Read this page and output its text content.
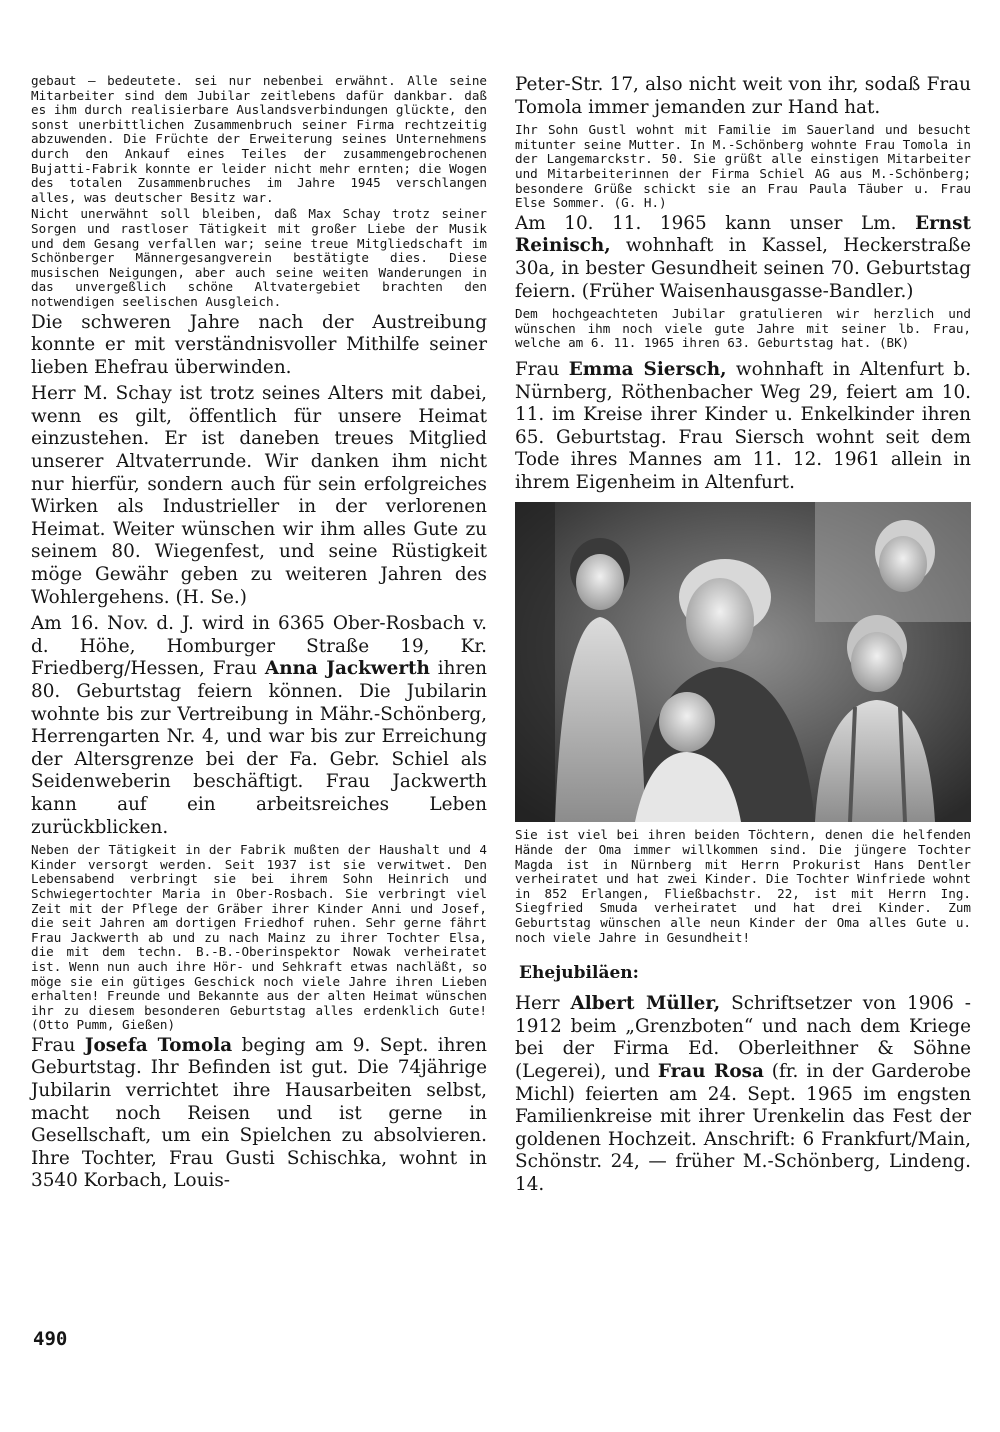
gebaut — bedeutete. sei nur nebenbei erwähnt. Alle seine Mitarbeiter sind dem Jubilar zeitlebens dafür dankbar. daß es ihm durch realisierbare Auslandsverbindungen glückte, den sonst unerbittlichen Zusammenbruch seiner Firma rechtzeitig abzuwenden. Die Früchte der Erweiterung seines Unternehmens durch den Ankauf eines Teiles der zusammengebrochenen Bujatti-Fabrik konnte er leider nicht mehr ernten; die Wogen des totalen Zusammenbruches im Jahre 1945 verschlangen alles, was deutscher Besitz war.

Nicht unerwähnt soll bleiben, daß Max Schay trotz seiner Sorgen und rastloser Tätigkeit mit großer Liebe der Musik und dem Gesang verfallen war; seine treue Mitgliedschaft im Schönberger Männergesangverein bestätigte dies. Diese musischen Neigungen, aber auch seine weiten Wanderungen in das unvergeßlich schöne Altvatergebiet brachten den notwendigen seelischen Ausgleich.

Die schweren Jahre nach der Austreibung konnte er mit verständnisvoller Mithilfe seiner lieben Ehefrau überwinden.

Herr M. Schay ist trotz seines Alters mit dabei, wenn es gilt, öffentlich für unsere Heimat einzustehen. Er ist daneben treues Mitglied unserer Altvaterrunde. Wir danken ihm nicht nur hierfür, sondern auch für sein erfolgreiches Wirken als Industrieller in der verlorenen Heimat. Weiter wünschen wir ihm alles Gute zu seinem 80. Wiegenfest, und seine Rüstigkeit möge Gewähr geben zu weiteren Jahren des Wohlergehens. (H. Se.)

Am 16. Nov. d. J. wird in 6365 Ober-Rosbach v. d. Höhe, Homburger Straße 19, Kr. Friedberg/Hessen, Frau Anna Jackwerth ihren 80. Geburtstag feiern können. Die Jubilarin wohnte bis zur Vertreibung in Mähr.-Schönberg, Herrengarten Nr. 4, und war bis zur Erreichung der Altersgrenze bei der Fa. Gebr. Schiel als Seidenweberin beschäftigt. Frau Jackwerth kann auf ein arbeitsreiches Leben zurückblicken.

Neben der Tätigkeit in der Fabrik mußten der Haushalt und 4 Kinder versorgt werden. Seit 1937 ist sie verwitwet. Den Lebensabend verbringt sie bei ihrem Sohn Heinrich und Schwiegertochter Maria in Ober-Rosbach. Sie verbringt viel Zeit mit der Pflege der Gräber ihrer Kinder Anni und Josef, die seit Jahren am dortigen Friedhof ruhen. Sehr gerne fährt Frau Jackwerth ab und zu nach Mainz zu ihrer Tochter Elsa, die mit dem techn. B.-B.-Oberinspektor Nowak verheiratet ist. Wenn nun auch ihre Hör- und Sehkraft etwas nachläßt, so möge sie ein gütiges Geschick noch viele Jahre ihren Lieben erhalten! Freunde und Bekannte aus der alten Heimat wünschen ihr zu diesem besonderen Geburtstag alles erdenklich Gute! (Otto Pumm, Gießen)

Frau Josefa Tomola beging am 9. Sept. ihren Geburtstag. Ihr Befinden ist gut. Die 74jährige Jubilarin verrichtet ihre Hausarbeiten selbst, macht noch Reisen und ist gerne in Gesellschaft, um ein Spielchen zu absolvieren. Ihre Tochter, Frau Gusti Schischka, wohnt in 3540 Korbach, Louis-

Peter-Str. 17, also nicht weit von ihr, sodaß Frau Tomola immer jemanden zur Hand hat.

Ihr Sohn Gustl wohnt mit Familie im Sauerland und besucht mitunter seine Mutter. In M.-Schönberg wohnte Frau Tomola in der Langemarckstr. 50. Sie grüßt alle einstigen Mitarbeiter und Mitarbeiterinnen der Firma Schiel AG aus M.-Schönberg; besondere Grüße schickt sie an Frau Paula Täuber u. Frau Else Sommer. (G. H.)

Am 10. 11. 1965 kann unser Lm. Ernst Reinisch, wohnhaft in Kassel, Heckerstraße 30a, in bester Gesundheit seinen 70. Geburtstag feiern. (Früher Waisenhausgasse-Bandler.)

Dem hochgeachteten Jubilar gratulieren wir herzlich und wünschen ihm noch viele gute Jahre mit seiner lb. Frau, welche am 6. 11. 1965 ihren 63. Geburtstag hat. (BK)

Frau Emma Siersch, wohnhaft in Altenfurt b. Nürnberg, Röthenbacher Weg 29, feiert am 10. 11. im Kreise ihrer Kinder u. Enkelkinder ihren 65. Geburtstag. Frau Siersch wohnt seit dem Tode ihres Mannes am 11. 12. 1961 allein in ihrem Eigenheim in Altenfurt.

Sie ist viel bei ihren beiden Töchtern, denen die helfenden Hände der Oma immer willkommen sind. Die jüngere Tochter Magda ist in Nürnberg mit Herrn Prokurist Hans Dentler verheiratet und hat zwei Kinder. Die Tochter Winfriede wohnt in 852 Erlangen, Fließbachstr. 22, ist mit Herrn Ing. Siegfried Smuda verheiratet und hat drei Kinder. Zum Geburtstag wünschen alle neun Kinder der Oma alles Gute u. noch viele Jahre in Gesundheit!

Ehejubiläen:

Herr Albert Müller, Schriftsetzer von 1906 - 1912 beim „Grenzboten“ und nach dem Kriege bei der Firma Ed. Oberleithner & Söhne (Legerei), und Frau Rosa (fr. in der Garderobe Michl) feierten am 24. Sept. 1965 im engsten Familienkreise mit ihrer Urenkelin das Fest der goldenen Hochzeit. Anschrift: 6 Frankfurt/Main, Schönstr. 24, — früher M.-Schönberg, Lindeng. 14.

490
